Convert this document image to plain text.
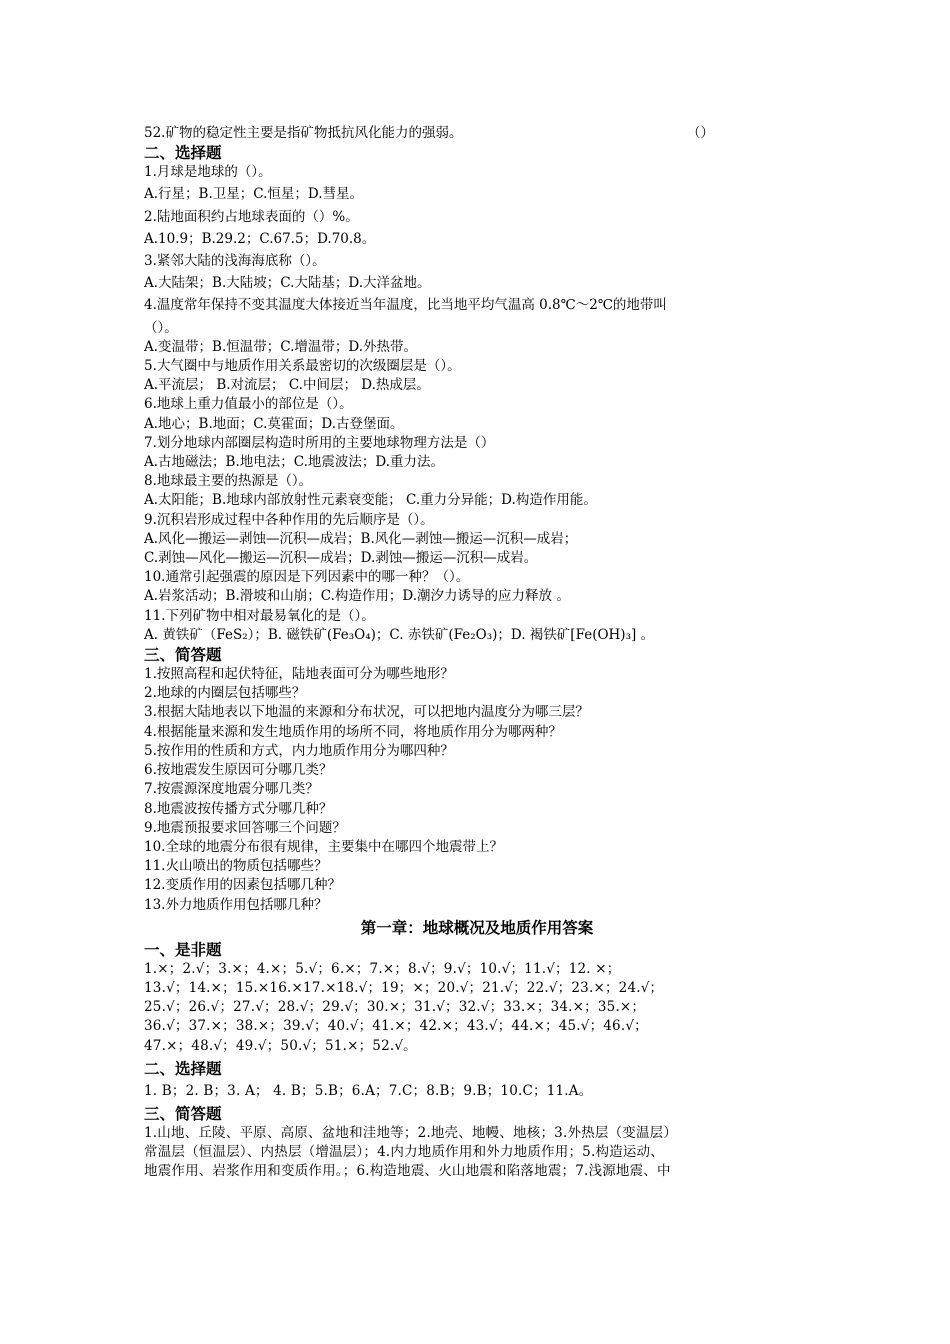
52.矿物的稳定性主要是指矿物抵抗风化能力的强弱。	（）
二、选择题
1.月球是地球的（）。
A.行星；B.卫星；C.恒星；D.彗星。
2.陆地面积约占地球表面的（）%。
A.10.9；B.29.2；C.67.5；D.70.8。
3.紧邻大陆的浅海海底称（）。
A.大陆架；B.大陆坡；C.大陆基；D.大洋盆地。
4.温度常年保持不变其温度大体接近当年温度，比当地平均气温高 0.8℃～2℃的地带叫
（）。
A.变温带；B.恒温带；C.增温带；D.外热带。
5.大气圈中与地质作用关系最密切的次级圈层是（）。
A.平流层； B.对流层； C.中间层； D.热成层。
6.地球上重力值最小的部位是（）。
A.地心；B.地面；C.莫霍面；D.古登堡面。
7.划分地球内部圈层构造时所用的主要地球物理方法是（）
A.古地磁法；B.地电法；C.地震波法；D.重力法。
8.地球最主要的热源是（）。
A.太阳能；B.地球内部放射性元素衰变能； C.重力分异能；D.构造作用能。
9.沉积岩形成过程中各种作用的先后顺序是（）。
A.风化—搬运—剥蚀—沉积—成岩；B.风化—剥蚀—搬运—沉积—成岩；
C.剥蚀—风化—搬运—沉积—成岩；D.剥蚀—搬运—沉积—成岩。
10.通常引起强震的原因是下列因素中的哪一种？（）。
A.岩浆活动；B.滑坡和山崩；C.构造作用；D.潮汐力诱导的应力释放 。
11.下列矿物中相对最易氧化的是（）。
A. 黄铁矿（FeS₂）；B. 磁铁矿(Fe₃O₄)；C. 赤铁矿(Fe₂O₃)；D. 褐铁矿[Fe(OH)₃] 。
三、简答题
1.按照高程和起伏特征，陆地表面可分为哪些地形？
2.地球的内圈层包括哪些？
3.根据大陆地表以下地温的来源和分布状况，可以把地内温度分为哪三层？
4.根据能量来源和发生地质作用的场所不同，将地质作用分为哪两种？
5.按作用的性质和方式，内力地质作用分为哪四种？
6.按地震发生原因可分哪几类？
7.按震源深度地震分哪几类？
8.地震波按传播方式分哪几种？
9.地震预报要求回答哪三个问题？
10.全球的地震分布很有规律，主要集中在哪四个地震带上？
11.火山喷出的物质包括哪些？
12.变质作用的因素包括哪几种？
13.外力地质作用包括哪几种？
第一章：地球概况及地质作用答案
一、是非题
1.×；2.√；3.×；4.×；5.√；6.×；7.×；8.√；9.√；10.√；11.√；12. ×；
13.√；14.×；15.×16.×17.×18.√；19；×；20.√；21.√；22.√；23.×；24.√；
25.√；26.√；27.√；28.√；29.√；30.×；31.√；32.√；33.×；34.×；35.×；
36.√；37.×；38.×；39.√；40.√；41.×；42.×；43.√；44.×；45.√；46.√；
47.×；48.√；49.√；50.√；51.×；52.√。
二、选择题
1. B；2. B；3. A； 4. B；5.B；6.A；7.C；8.B；9.B；10.C；11.A。
三、简答题
1.山地、丘陵、平原、高原、盆地和洼地等；2.地壳、地幔、地核；3.外热层（变温层）
常温层（恒温层）、内热层（增温层）；4.内力地质作用和外力地质作用；5.构造运动、
地震作用、岩浆作用和变质作用。；6.构造地震、火山地震和陷落地震；7.浅源地震、中
